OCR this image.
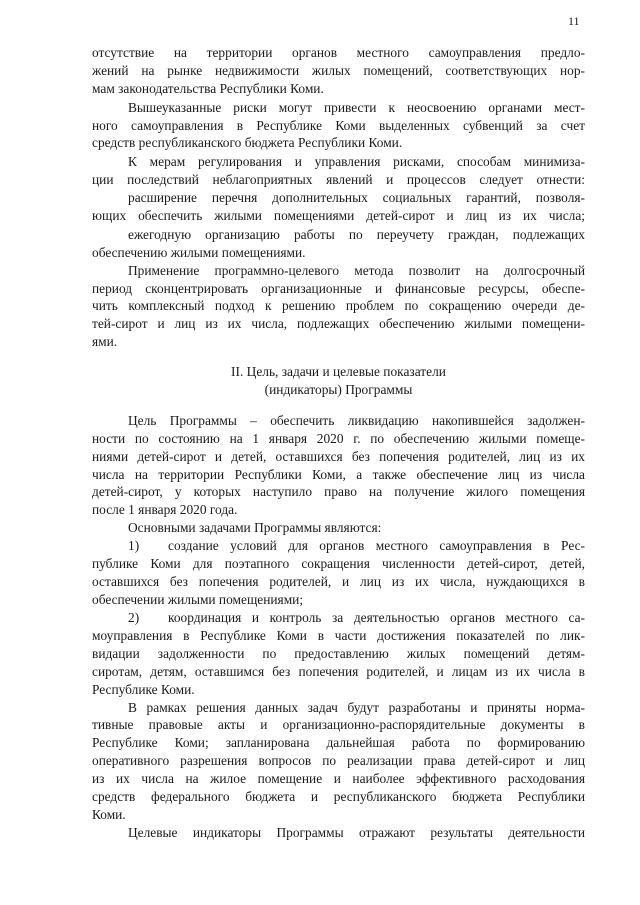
11

отсутствие на территории органов местного самоуправления предло-

жений на рынке недвижимости жилых помещений, соответствующих нор-

мам законодательства Республики Коми.

Вышеуказанные риски могут привести к неосвоению органами мест-

ного самоуправления в Республике Коми выделенных субвенций за счет

средств республиканского бюджета Республики Коми.

К мерам регулирования и управления рисками, способам минимиза-

ции последствий неблагоприятных явлений и процессов следует отнести:

расширение перечня дополнительных социальных гарантий, позволя-

ющих обеспечить жилыми помещениями детей-сирот и лиц из их числа;

ежегодную организацию работы по переучету граждан, подлежащих

обеспечению жилыми помещениями.

Применение программно-целевого метода позволит на долгосрочный

период сконцентрировать организационные и финансовые ресурсы, обеспе-

чить комплексный подход к решению проблем по сокращению очереди де-

тей-сирот и лиц из их числа, подлежащих обеспечению жилыми помещени-

ями.

II. Цель, задачи и целевые показатели

(индикаторы) Программы

Цель Программы – обеспечить ликвидацию накопившейся задолжен-

ности по состоянию на 1 января 2020 г. по обеспечению жилыми помеще-

ниями детей-сирот и детей, оставшихся без попечения родителей, лиц из их

числа на территории Республики Коми, а также обеспечение лиц из числа

детей-сирот, у которых наступило право на получение жилого помещения

после 1 января 2020 года.

Основными задачами Программы являются:

1)	создание условий для органов местного самоуправления в Рес-

публике Коми для поэтапного сокращения численности детей-сирот, детей,

оставшихся без попечения родителей, и лиц из их числа, нуждающихся в

обеспечении жилыми помещениями;

2)	координация и контроль за деятельностью органов местного са-

моуправления в Республике Коми в части достижения показателей по лик-

видации задолженности по предоставлению жилых помещений детям-

сиротам, детям, оставшимся без попечения родителей, и лицам из их числа в

Республике Коми.

В рамках решения данных задач будут разработаны и приняты норма-

тивные правовые акты и организационно-распорядительные документы в

Республике Коми; запланирована дальнейшая работа по формированию

оперативного разрешения вопросов по реализации права детей-сирот и лиц

из их числа на жилое помещение и наиболее эффективного расходования

средств федерального бюджета и республиканского бюджета Республики

Коми.

Целевые индикаторы Программы отражают результаты деятельности
